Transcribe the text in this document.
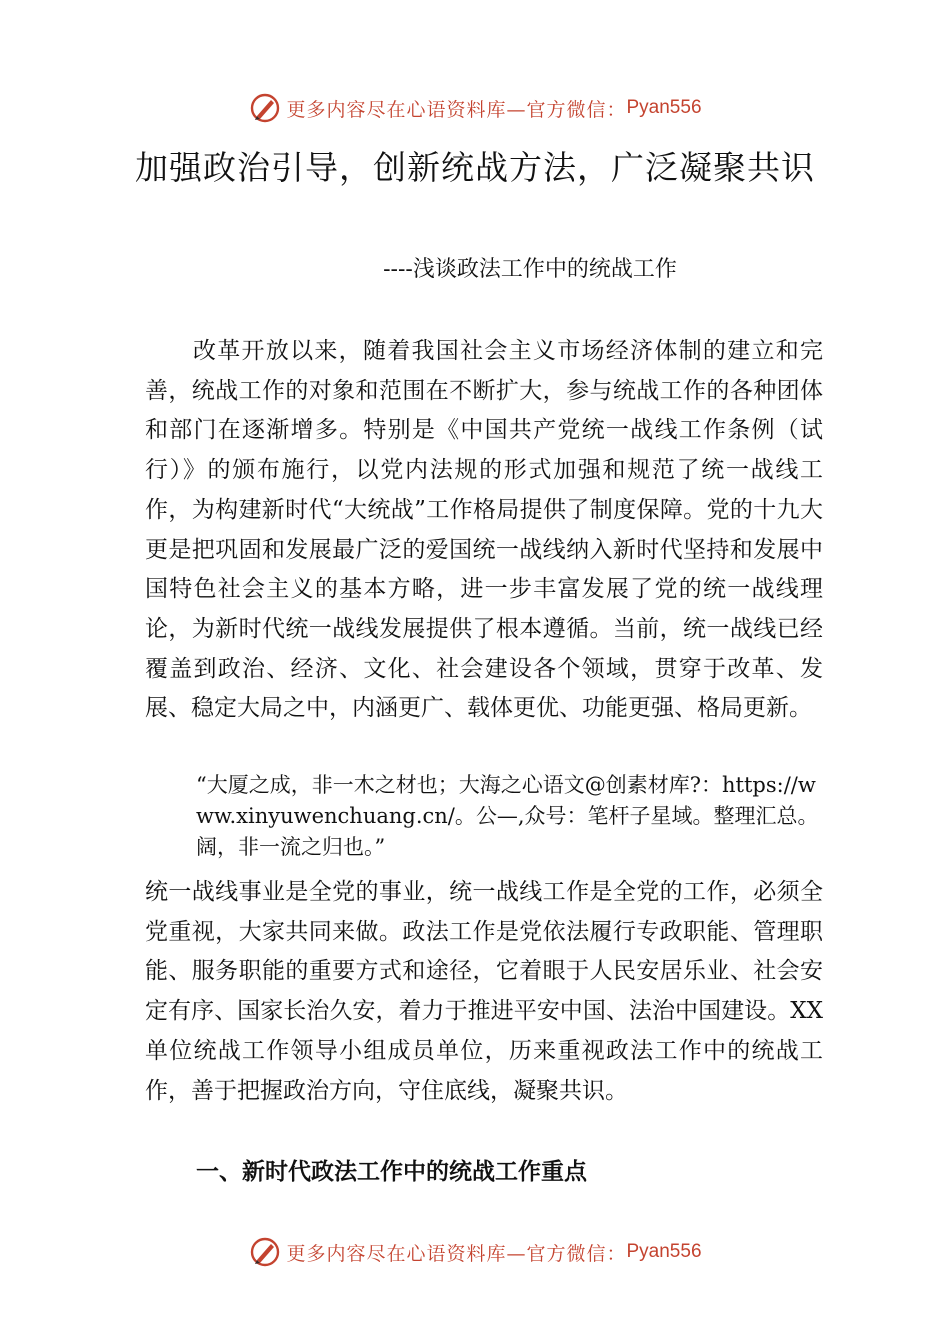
更多内容尽在心语资料库—官方微信： Pyan556
加强政治引导，创新统战方法，广泛凝聚共识

----浅谈政法工作中的统战工作

改革开放以来，随着我国社会主义市场经济体制的建立和完善，统战工作的对象和范围在不断扩大，参与统战工作的各种团体和部门在逐渐增多。特别是《中国共产党统一战线工作条例（试行）》的颁布施行，以党内法规的形式加强和规范了统一战线工作，为构建新时代“大统战”工作格局提供了制度保障。党的十九大更是把巩固和发展最广泛的爱国统一战线纳入新时代坚持和发展中国特色社会主义的基本方略，进一步丰富发展了党的统一战线理论，为新时代统一战线发展提供了根本遵循。当前，统一战线已经覆盖到政治、经济、文化、社会建设各个领域，贯穿于改革、发展、稳定大局之中，内涵更广、载体更优、功能更强、格局更新。

“大厦之成，非一木之材也；大海之心语文@创素材库?：https://www.xinyuwenchuang.cn/。公—,众号：笔杆子星域。整理汇总。阔，非一流之归也。”

统一战线事业是全党的事业，统一战线工作是全党的工作，必须全党重视，大家共同来做。政法工作是党依法履行专政职能、管理职能、服务职能的重要方式和途径，它着眼于人民安居乐业、社会安定有序、国家长治久安，着力于推进平安中国、法治中国建设。XX单位统战工作领导小组成员单位，历来重视政法工作中的统战工作，善于把握政治方向，守住底线，凝聚共识。

一、新时代政法工作中的统战工作重点

更多内容尽在心语资料库—官方微信： Pyan556
